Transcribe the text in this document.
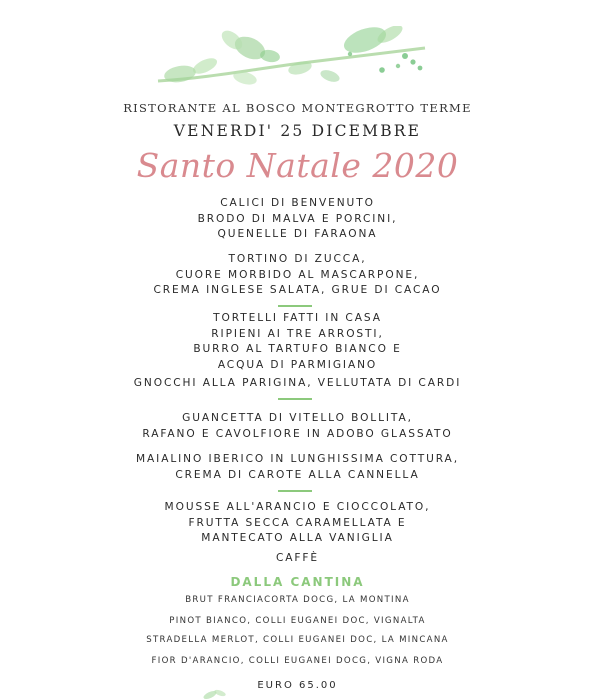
RISTORANTE AL BOSCO MONTEGROTTO TERME
VENERDI' 25 DICEMBRE
Santo Natale 2020
CALICI DI BENVENUTO
BRODO DI MALVA E PORCINI,
QUENELLE DI FARAONA
TORTINO DI ZUCCA,
CUORE MORBIDO AL MASCARPONE,
CREMA INGLESE SALATA, GRUE DI CACAO
TORTELLI FATTI IN CASA
RIPIENI AI TRE ARROSTI,
BURRO AL TARTUFO BIANCO E
ACQUA DI PARMIGIANO
GNOCCHI ALLA PARIGINA, VELLUTATA DI CARDI
GUANCETTA DI VITELLO BOLLITA,
RAFANO E CAVOLFIORE IN ADOBO GLASSATO
MAIALINO IBERICO IN LUNGHISSIMA COTTURA,
CREMA DI CAROTE ALLA CANNELLA
MOUSSE ALL'ARANCIO E CIOCCOLATO,
FRUTTA SECCA CARAMELLATA E
MANTECATO ALLA VANIGLIA
CAFFÈ
DALLA CANTINA
BRUT FRANCIACORTA DOCG, LA MONTINA
PINOT BIANCO, COLLI EUGANEI DOC, VIGNALTA
STRADELLA MERLOT, COLLI EUGANEI DOC, LA MINCANA
FIOR D'ARANCIO, COLLI EUGANEI DOCG, VIGNA RODA
EURO 65.00
